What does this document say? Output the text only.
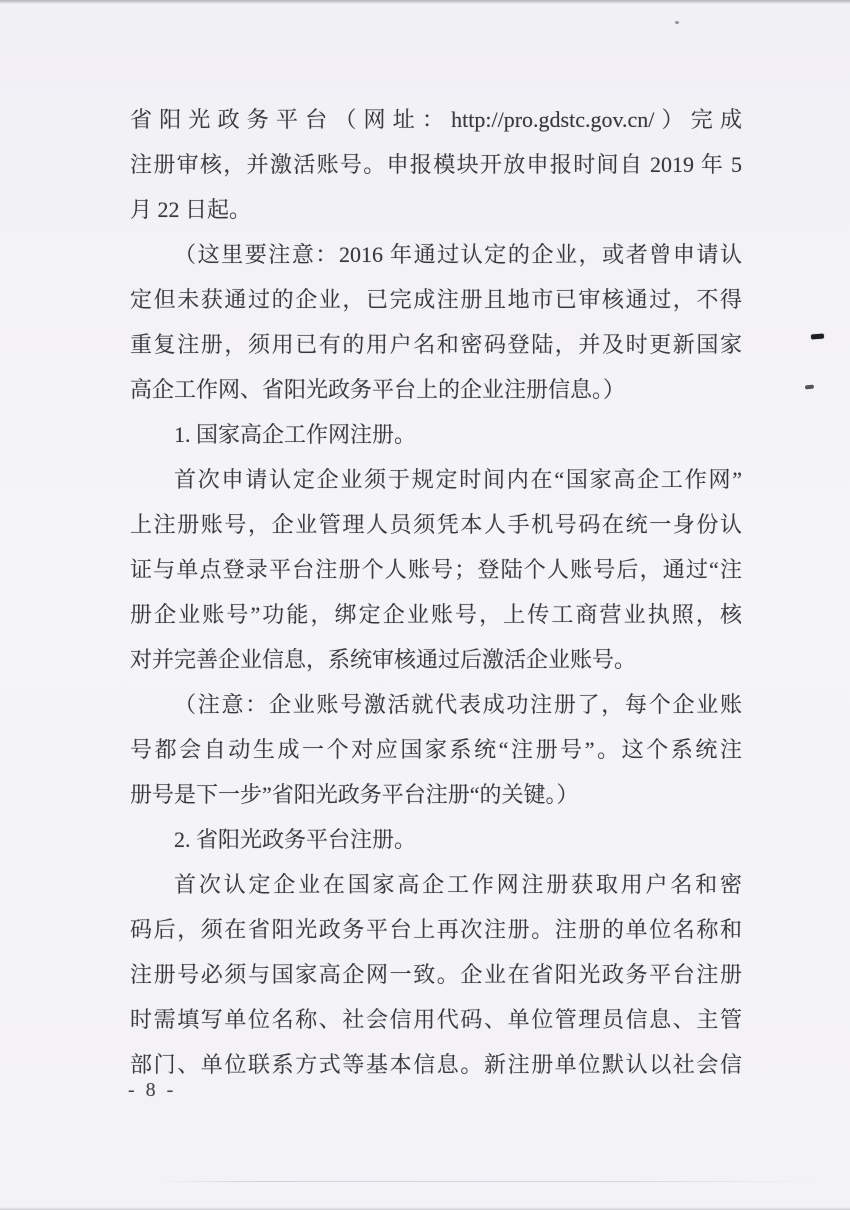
省阳光政务平台（网址：http://pro.gdstc.gov.cn/）完成
注册审核，并激活账号。申报模块开放申报时间自 2019 年 5
月 22 日起。
（这里要注意：2016 年通过认定的企业，或者曾申请认
定但未获通过的企业，已完成注册且地市已审核通过，不得
重复注册，须用已有的用户名和密码登陆，并及时更新国家
高企工作网、省阳光政务平台上的企业注册信息。）
1. 国家高企工作网注册。
首次申请认定企业须于规定时间内在“国家高企工作网”
上注册账号，企业管理人员须凭本人手机号码在统一身份认
证与单点登录平台注册个人账号；登陆个人账号后，通过“注
册企业账号”功能，绑定企业账号，上传工商营业执照，核
对并完善企业信息，系统审核通过后激活企业账号。
（注意：企业账号激活就代表成功注册了，每个企业账
号都会自动生成一个对应国家系统“注册号”。这个系统注
册号是下一步”省阳光政务平台注册“的关键。）
2. 省阳光政务平台注册。
首次认定企业在国家高企工作网注册获取用户名和密
码后，须在省阳光政务平台上再次注册。注册的单位名称和
注册号必须与国家高企网一致。企业在省阳光政务平台注册
时需填写单位名称、社会信用代码、单位管理员信息、主管
部门、单位联系方式等基本信息。新注册单位默认以社会信
- 8 -
